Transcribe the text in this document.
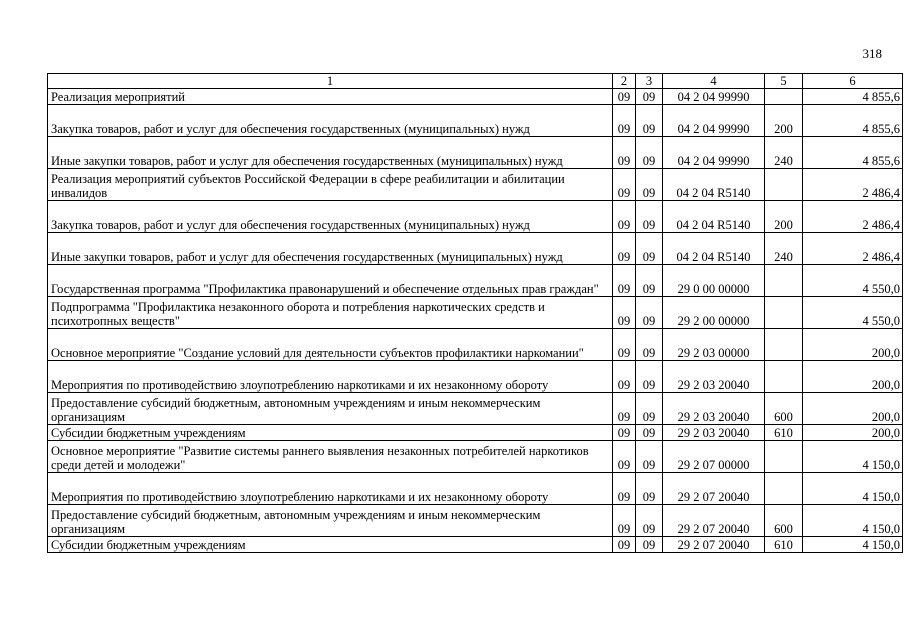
318
1	2	3	4	5	6
Реализация мероприятий	09	09	04 2 04 99990		4 855,6
Закупка товаров, работ и услуг для обеспечения государственных (муниципальных) нужд	09	09	04 2 04 99990	200	4 855,6
Иные закупки товаров, работ и услуг для обеспечения государственных (муниципальных) нужд	09	09	04 2 04 99990	240	4 855,6
Реализация мероприятий субъектов Российской Федерации в сфере реабилитации и абилитации инвалидов	09	09	04 2 04 R5140		2 486,4
Закупка товаров, работ и услуг для обеспечения государственных (муниципальных) нужд	09	09	04 2 04 R5140	200	2 486,4
Иные закупки товаров, работ и услуг для обеспечения государственных (муниципальных) нужд	09	09	04 2 04 R5140	240	2 486,4
Государственная программа "Профилактика правонарушений и обеспечение отдельных прав граждан"	09	09	29 0 00 00000		4 550,0
Подпрограмма "Профилактика незаконного оборота и потребления наркотических средств и психотропных веществ"	09	09	29 2 00 00000		4 550,0
Основное мероприятие "Создание условий для деятельности субъектов профилактики наркомании"	09	09	29 2 03 00000		200,0
Мероприятия по противодействию злоупотреблению наркотиками и их незаконному обороту	09	09	29 2 03 20040		200,0
Предоставление субсидий бюджетным, автономным учреждениям и иным некоммерческим организациям	09	09	29 2 03 20040	600	200,0
Субсидии бюджетным учреждениям	09	09	29 2 03 20040	610	200,0
Основное мероприятие "Развитие системы раннего выявления незаконных потребителей наркотиков среди детей и молодежи"	09	09	29 2 07 00000		4 150,0
Мероприятия по противодействию злоупотреблению наркотиками и их незаконному обороту	09	09	29 2 07 20040		4 150,0
Предоставление субсидий бюджетным, автономным учреждениям и иным некоммерческим организациям	09	09	29 2 07 20040	600	4 150,0
Субсидии бюджетным учреждениям	09	09	29 2 07 20040	610	4 150,0
